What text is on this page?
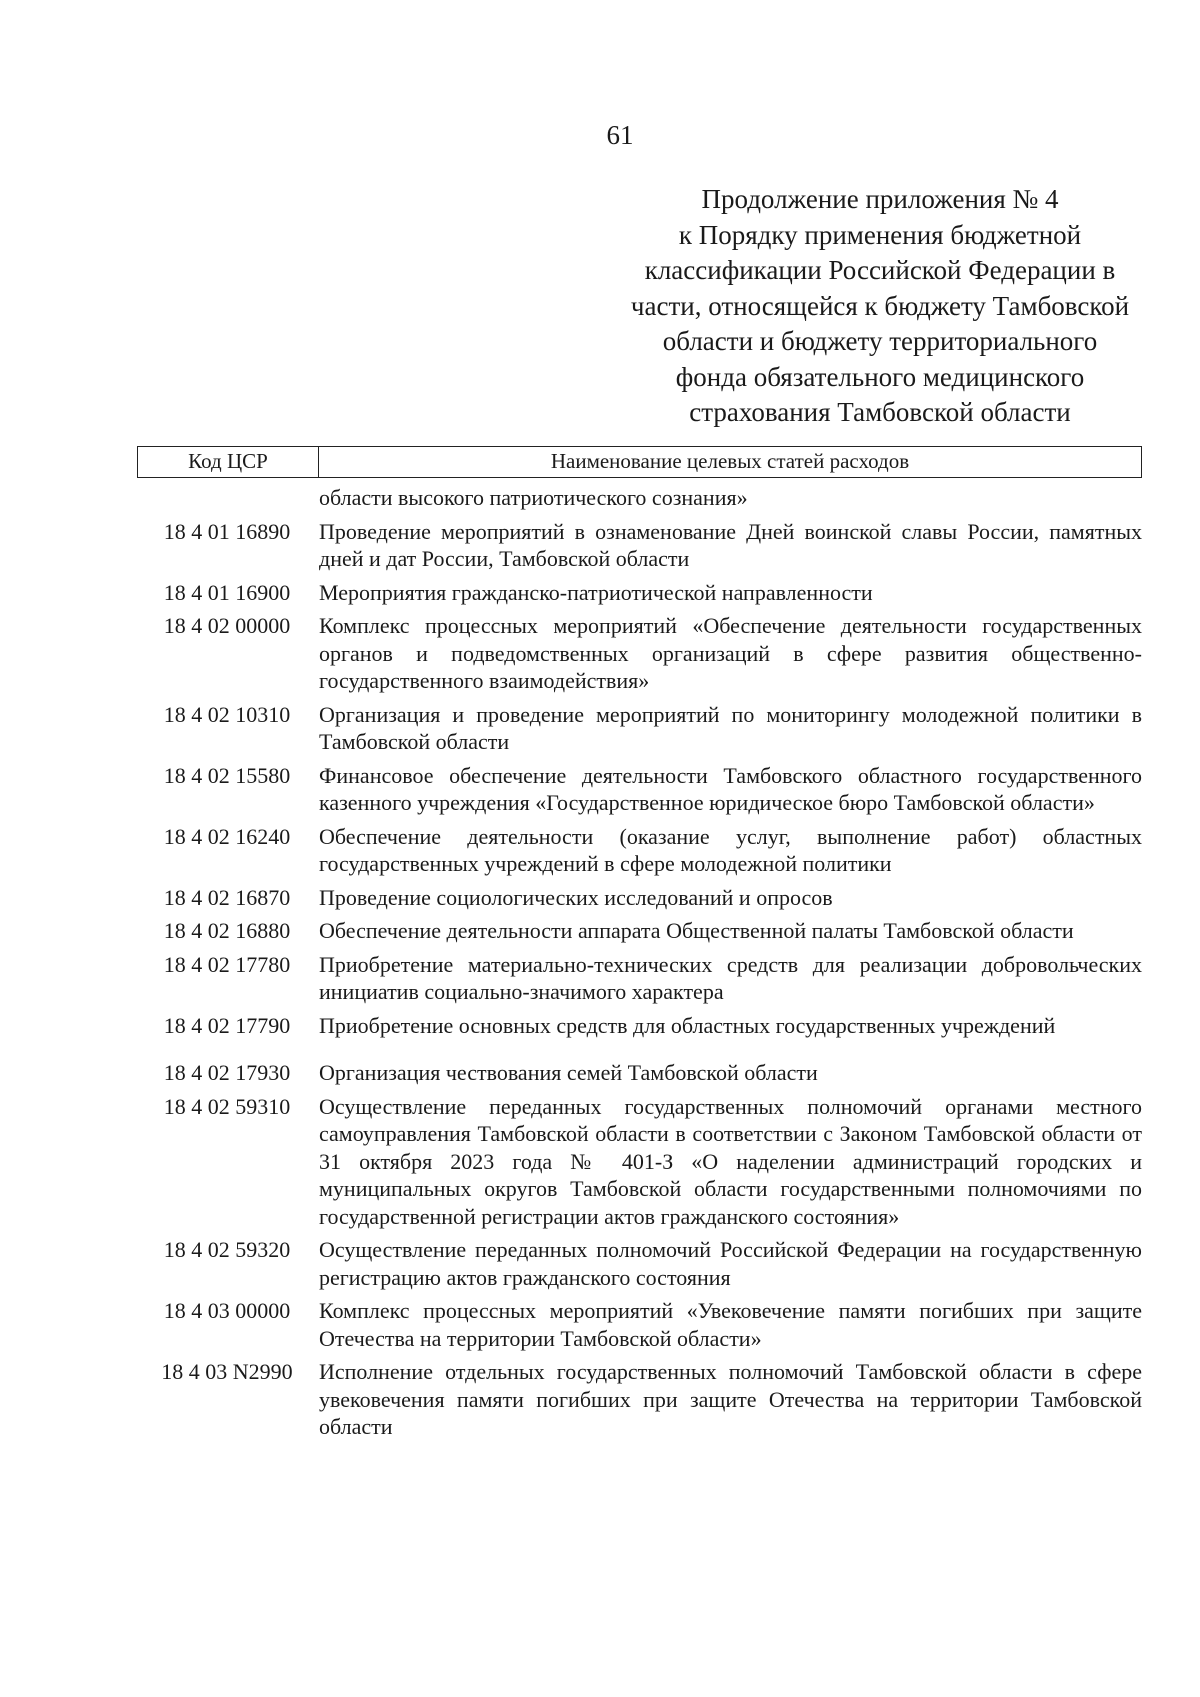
61
Продолжение приложения № 4
к Порядку применения бюджетной
классификации Российской Федерации в
части, относящейся к бюджету Тамбовской
области и бюджету территориального
фонда обязательного медицинского
страхования Тамбовской области
Код ЦСР	Наименование целевых статей расходов
области высокого патриотического сознания»
18 4 01 16890	Проведение мероприятий в ознаменование Дней воинской славы России, памятных дней и дат России, Тамбовской области
18 4 01 16900	Мероприятия гражданско-патриотической направленности
18 4 02 00000	Комплекс процессных мероприятий «Обеспечение деятельности государственных органов и подведомственных организаций в сфере развития общественно-государственного взаимодействия»
18 4 02 10310	Организация и проведение мероприятий по мониторингу молодежной политики в Тамбовской области
18 4 02 15580	Финансовое обеспечение деятельности Тамбовского областного государственного казенного учреждения «Государственное юридическое бюро Тамбовской области»
18 4 02 16240	Обеспечение деятельности (оказание услуг, выполнение работ) областных государственных учреждений в сфере молодежной политики
18 4 02 16870	Проведение социологических исследований и опросов
18 4 02 16880	Обеспечение деятельности аппарата Общественной палаты Тамбовской области
18 4 02 17780	Приобретение материально-технических средств для реализации добровольческих инициатив социально-значимого характера
18 4 02 17790	Приобретение основных средств для областных государственных учреждений
18 4 02 17930	Организация чествования семей Тамбовской области
18 4 02 59310	Осуществление переданных государственных полномочий органами местного самоуправления Тамбовской области в соответствии с Законом Тамбовской области от 31 октября 2023 года № 401-З «О наделении администраций городских и муниципальных округов Тамбовской области государственными полномочиями по государственной регистрации актов гражданского состояния»
18 4 02 59320	Осуществление переданных полномочий Российской Федерации на государственную регистрацию актов гражданского состояния
18 4 03 00000	Комплекс процессных мероприятий «Увековечение памяти погибших при защите Отечества на территории Тамбовской области»
18 4 03 N2990	Исполнение отдельных государственных полномочий Тамбовской области в сфере увековечения памяти погибших при защите Отечества на территории Тамбовской области
